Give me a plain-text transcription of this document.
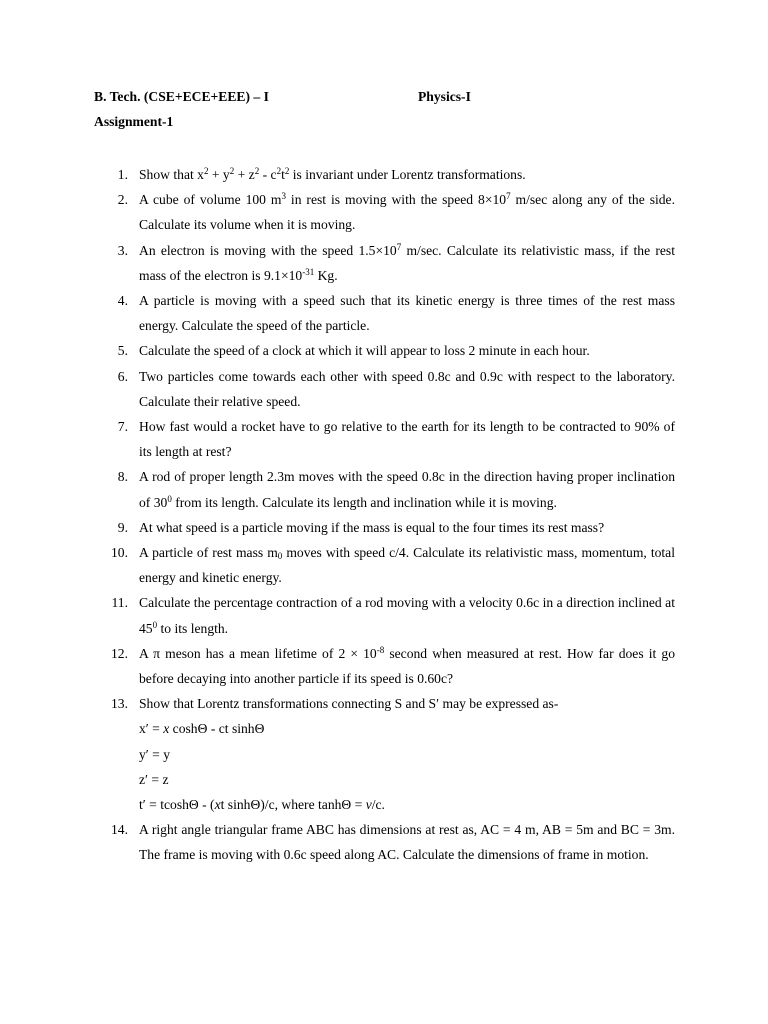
B. Tech. (CSE+ECE+EEE) – I	Physics-I
Assignment-1
1. Show that $x^2 + y^2 + z^2 - c^2t^2$ is invariant under Lorentz transformations.
2. A cube of volume 100 $m^3$ in rest is moving with the speed $8\times 10^7$ m/sec along any of the side. Calculate its volume when it is moving.
3. An electron is moving with the speed $1.5\times 10^7$ m/sec. Calculate its relativistic mass, if the rest mass of the electron is $9.1\times 10^{-31}$ Kg.
4. A particle is moving with a speed such that its kinetic energy is three times of the rest mass energy. Calculate the speed of the particle.
5. Calculate the speed of a clock at which it will appear to loss 2 minute in each hour.
6. Two particles come towards each other with speed 0.8c and 0.9c with respect to the laboratory. Calculate their relative speed.
7. How fast would a rocket have to go relative to the earth for its length to be contracted to 90% of its length at rest?
8. A rod of proper length 2.3m moves with the speed 0.8c in the direction having proper inclination of $30^0$ from its length. Calculate its length and inclination while it is moving.
9. At what speed is a particle moving if the mass is equal to the four times its rest mass?
10. A particle of rest mass $m_0$ moves with speed c/4. Calculate its relativistic mass, momentum, total energy and kinetic energy.
11. Calculate the percentage contraction of a rod moving with a velocity 0.6c in a direction inclined at $45^0$ to its length.
12. A π meson has a mean lifetime of $2 \times 10^{-8}$ second when measured at rest. How far does it go before decaying into another particle if its speed is 0.60c?
13. Show that Lorentz transformations connecting S and S′ may be expressed as-
x′ = x coshΘ - ct sinhΘ
y′ = y
z′ = z
t′ = tcoshΘ - (xt sinhΘ)/c, where tanhΘ = v/c.
14. A right angle triangular frame ABC has dimensions at rest as, AC = 4 m, AB = 5m and BC = 3m. The frame is moving with 0.6c speed along AC. Calculate the dimensions of frame in motion.
